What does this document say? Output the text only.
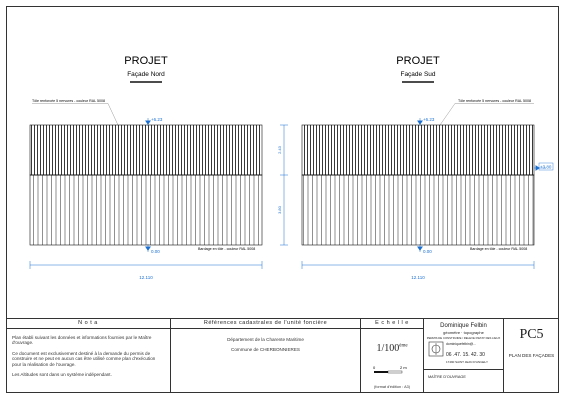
PROJET
Façade Nord
Tôle renforcée 5 nervures - couleur RAL 5008
+6.23
0.00	Bardage en tôle - couleur RAL 5008
2.43
3.80
12.110
PROJET
Façade Sud
Tôle renforcée 5 nervures - couleur RAL 5008
+6.23
+3.80
0.00	Bardage en tôle - couleur RAL 5008
12.110
N o t a
Plan établi suivant les données et informations fournies par le Maître d'ouvrage.
Ce document est exclusivement destiné à la demande du permis de construire et ne peut en aucun cas être utilisé comme plan d'exécution pour la réalisation de l'ouvrage.
Les Altitudes sont dans un système indépendant.
Références cadastrales de l'unité foncière
Département de la Charente Maritime
Commune de CHERBONNIERES
E c h e l l e
1/100ème
0	2 m
(format d'édition : A3)
Dominique Felbin
géomètre · topographe
PERMIS DE CONSTRUIRE / RELEVE D'ETAT DES LIEUX
dominiquefelbin@...
06 .47. 15. 42. 30
17490 SAINT JEAN D'ANGELY
MAÎTRE D'OUVRAGE
PC5
PLAN DES FAÇADES
